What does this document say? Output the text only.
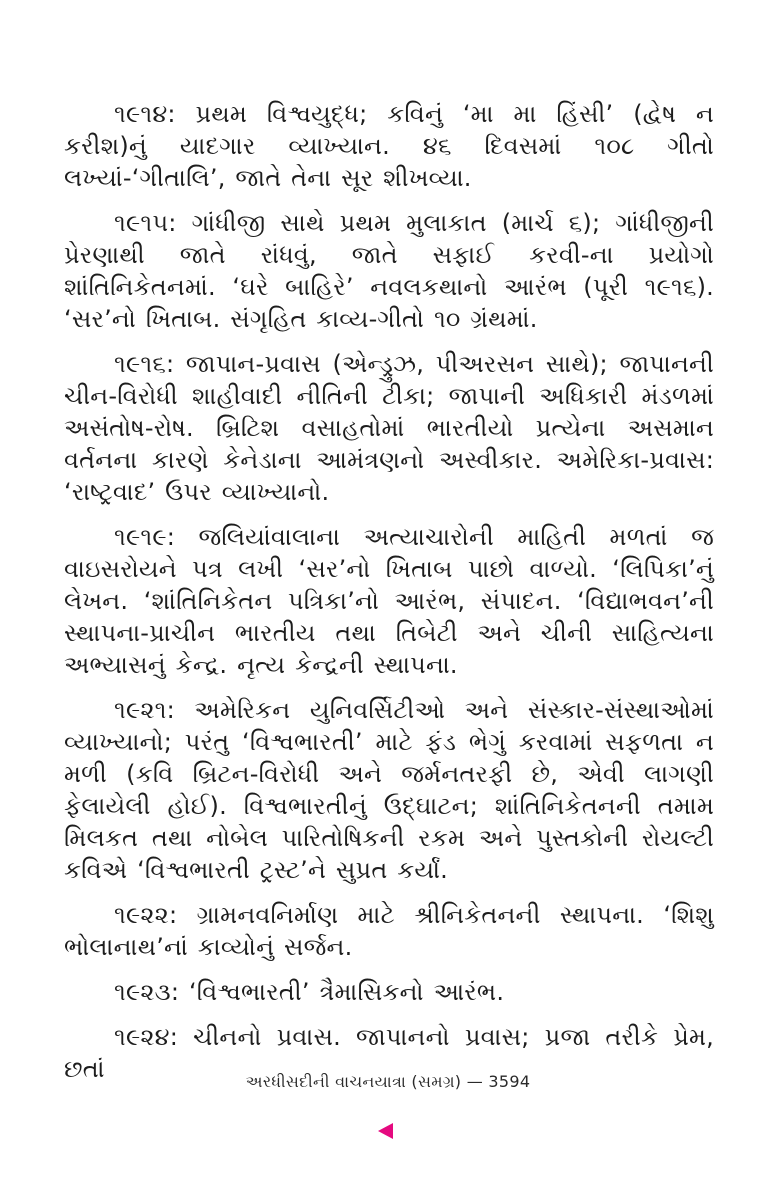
૧૯૧૪: પ્રથમ વિશ્વયુદ્ધ; કવિનું ‘મા મા હિંસી’ (દ્વેષ ન કરીશ)નું યાદગાર વ્યાખ્યાન. ૪૬ દિવસમાં ૧૦૮ ગીતો લખ્યાં-‘ગીતાલિ’, જાતે તેના સૂર શીખવ્યા.

૧૯૧૫: ગાંધીજી સાથે પ્રથમ મુલાકાત (માર્ચ ૬); ગાંધીજીની પ્રેરણાથી જાતે રાંધવું, જાતે સફાઈ કરવી-ના પ્રયોગો શાંતિનિકેતનમાં. ‘ઘરે બાહિરે’ નવલકથાનો આરંભ (પૂરી ૧૯૧૬). ‘સર’નો ખિતાબ. સંગૃહિત કાવ્ય-ગીતો ૧૦ ગ્રંથમાં.

૧૯૧૬: જાપાન-પ્રવાસ (એન્ડ્રુઝ, પીઅરસન સાથે); જાપાનની ચીન-વિરોધી શાહીવાદી નીતિની ટીકા; જાપાની અધિકારી મંડળમાં અસંતોષ-રોષ. બ્રિટિશ વસાહતોમાં ભારતીયો પ્રત્યેના અસમાન વર્તનના કારણે કેનેડાના આમંત્રણનો અસ્વીકાર. અમેરિકા-પ્રવાસ: ‘રાષ્ટ્રવાદ’ ઉપર વ્યાખ્યાનો.

૧૯૧૯: જલિયાંવાલાના અત્યાચારોની માહિતી મળતાં જ વાઇસરોયને પત્ર લખી ‘સર’નો ખિતાબ પાછો વાળ્યો. ‘લિપિકા’નું લેખન. ‘શાંતિનિકેતન પત્રિકા’નો આરંભ, સંપાદન. ‘વિદ્યાભવન’ની સ્થાપના-પ્રાચીન ભારતીય તથા તિબેટી અને ચીની સાહિત્યના અભ્યાસનું કેન્દ્ર. નૃત્ય કેન્દ્રની સ્થાપના.

૧૯૨૧: અમેરિકન યુનિવર્સિટીઓ અને સંસ્કાર-સંસ્થાઓમાં વ્યાખ્યાનો; પરંતુ ‘વિશ્વભારતી’ માટે ફંડ ભેગું કરવામાં સફળતા ન મળી (કવિ બ્રિટન-વિરોધી અને જર્મનતરફી છે, એવી લાગણી ફેલાયેલી હોઈ). વિશ્વભારતીનું ઉદ્ઘાટન; શાંતિનિકેતનની તમામ મિલકત તથા નોબેલ પારિતોષિકની રકમ અને પુસ્તકોની રોયલ્ટી કવિએ ‘વિશ્વભારતી ટ્રસ્ટ’ને સુપ્રત કર્યાં.

૧૯૨૨: ગ્રામનવનિર્માણ માટે શ્રીનિકેતનની સ્થાપના. ‘શિશુ ભોલાનાથ’નાં કાવ્યોનું સર્જન.

૧૯૨૩: ‘વિશ્વભારતી’ ત્રૈમાસિકનો આરંભ.

૧૯૨૪: ચીનનો પ્રવાસ. જાપાનનો પ્રવાસ; પ્રજા તરીકે પ્રેમ, છતાં	અરધીસદીની વાચનયાત્રા (સમગ્ર) — 3594
